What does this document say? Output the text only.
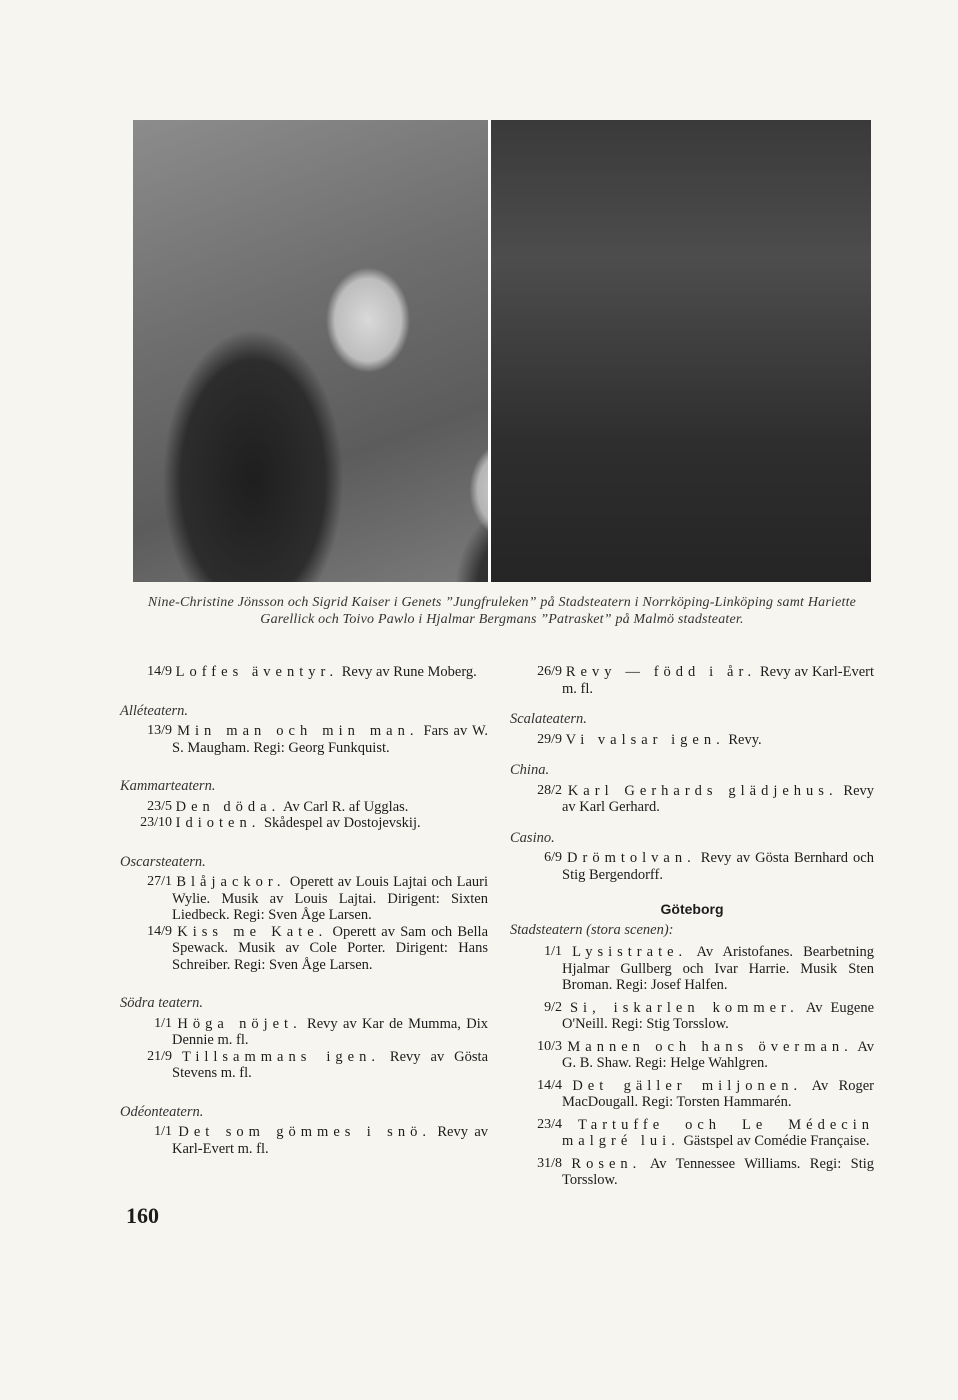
Nine-Christine Jönsson och Sigrid Kaiser i Genets ”Jungfruleken” på Stadsteatern i Norrköping-Linköping samt Hariette Garellick och Toivo Pawlo i Hjalmar Bergmans ”Patrasket” på Malmö stadsteater.
14/9 Loffes äventyr. Revy av Rune Moberg.
Alléteatern.
13/9 Min man och min man. Fars av W. S. Maugham. Regi: Georg Funkquist.
Kammarteatern.
23/5 Den döda. Av Carl R. af Ugglas.
23/10 Idioten. Skådespel av Dostojevskij.
Oscarsteatern.
27/1 Blåjackor. Operett av Louis Lajtai och Lauri Wylie. Musik av Louis Lajtai. Dirigent: Sixten Liedbeck. Regi: Sven Åge Larsen.
14/9 Kiss me Kate. Operett av Sam och Bella Spewack. Musik av Cole Porter. Dirigent: Hans Schreiber. Regi: Sven Åge Larsen.
Södra teatern.
1/1 Höga nöjet. Revy av Kar de Mumma, Dix Dennie m. fl.
21/9 Tillsammans igen. Revy av Gösta Stevens m. fl.
Odéonteatern.
1/1 Det som gömmes i snö. Revy av Karl-Evert m. fl.
26/9 Revy — född i år. Revy av Karl-Evert m. fl.
Scalateatern.
29/9 Vi valsar igen. Revy.
China.
28/2 Karl Gerhards glädjehus. Revy av Karl Gerhard.
Casino.
6/9 Drömtolvan. Revy av Gösta Bernhard och Stig Bergendorff.
Göteborg
Stadsteatern (stora scenen):
1/1 Lysistrate. Av Aristofanes. Bearbetning Hjalmar Gullberg och Ivar Harrie. Musik Sten Broman. Regi: Josef Halfen.
9/2 Si, iskarlen kommer. Av Eugene O'Neill. Regi: Stig Torsslow.
10/3 Mannen och hans överman. Av G. B. Shaw. Regi: Helge Wahlgren.
14/4 Det gäller miljonen. Av Roger MacDougall. Regi: Torsten Hammarén.
23/4	Tartuffe och Le Médecin malgré lui. Gästspel av Comédie Française.
31/8 Rosen. Av Tennessee Williams. Regi: Stig Torsslow.
160
